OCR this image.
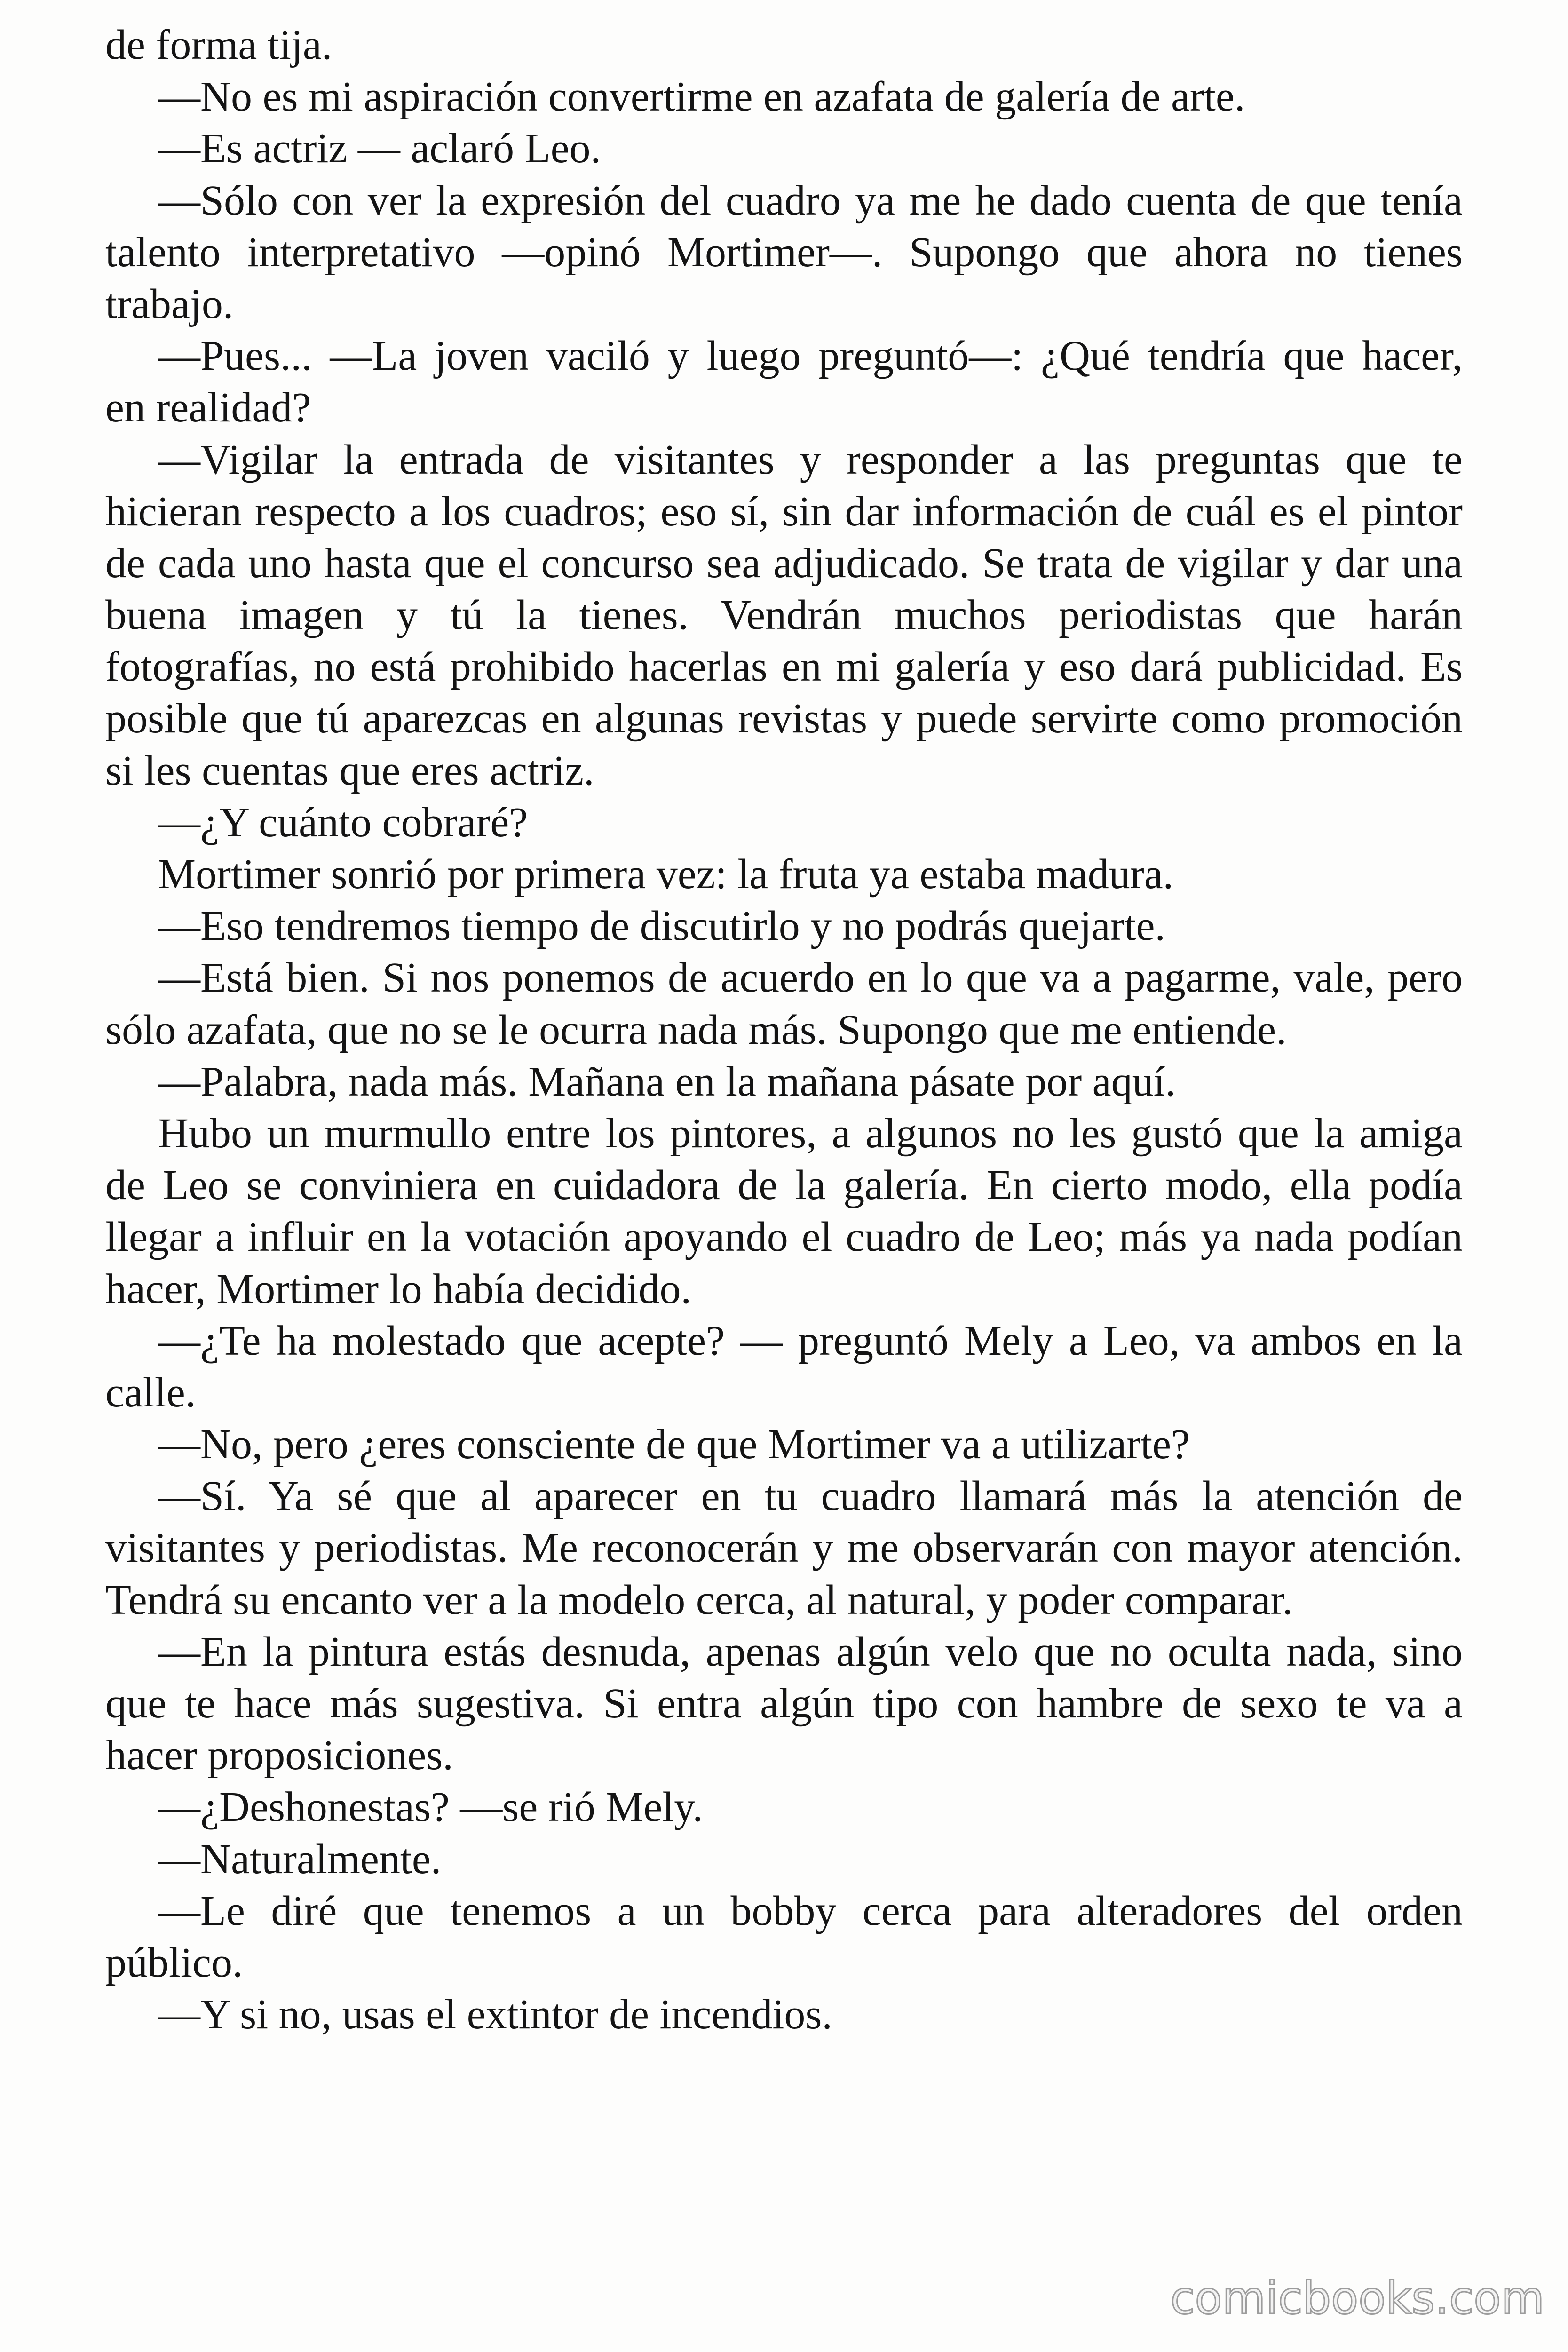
de forma tija.
—No es mi aspiración convertirme en azafata de galería de arte.
—Es actriz — aclaró Leo.
—Sólo con ver la expresión del cuadro ya me he dado cuenta de que tenía
talento interpretativo —opinó Mortimer—. Supongo que ahora no tienes
trabajo.
—Pues... —La joven vaciló y luego preguntó—: ¿Qué tendría que hacer,
en realidad?
—Vigilar la entrada de visitantes y responder a las preguntas que te
hicieran respecto a los cuadros; eso sí, sin dar información de cuál es el pintor
de cada uno hasta que el concurso sea adjudicado. Se trata de vigilar y dar una
buena imagen y tú la tienes. Vendrán muchos periodistas que harán
fotografías, no está prohibido hacerlas en mi galería y eso dará publicidad. Es
posible que tú aparezcas en algunas revistas y puede servirte como promoción
si les cuentas que eres actriz.
—¿Y cuánto cobraré?
Mortimer sonrió por primera vez: la fruta ya estaba madura.
—Eso tendremos tiempo de discutirlo y no podrás quejarte.
—Está bien. Si nos ponemos de acuerdo en lo que va a pagarme, vale, pero
sólo azafata, que no se le ocurra nada más. Supongo que me entiende.
—Palabra, nada más. Mañana en la mañana pásate por aquí.
Hubo un murmullo entre los pintores, a algunos no les gustó que la amiga
de Leo se conviniera en cuidadora de la galería. En cierto modo, ella podía
llegar a influir en la votación apoyando el cuadro de Leo; más ya nada podían
hacer, Mortimer lo había decidido.
—¿Te ha molestado que acepte? — preguntó Mely a Leo, va ambos en la
calle.
—No, pero ¿eres consciente de que Mortimer va a utilizarte?
—Sí. Ya sé que al aparecer en tu cuadro llamará más la atención de
visitantes y periodistas. Me reconocerán y me observarán con mayor atención.
Tendrá su encanto ver a la modelo cerca, al natural, y poder comparar.
—En la pintura estás desnuda, apenas algún velo que no oculta nada, sino
que te hace más sugestiva. Si entra algún tipo con hambre de sexo te va a
hacer proposiciones.
—¿Deshonestas? —se rió Mely.
—Naturalmente.
—Le diré que tenemos a un bobby cerca para alteradores del orden
público.
—Y si no, usas el extintor de incendios.
comicbooks.com
